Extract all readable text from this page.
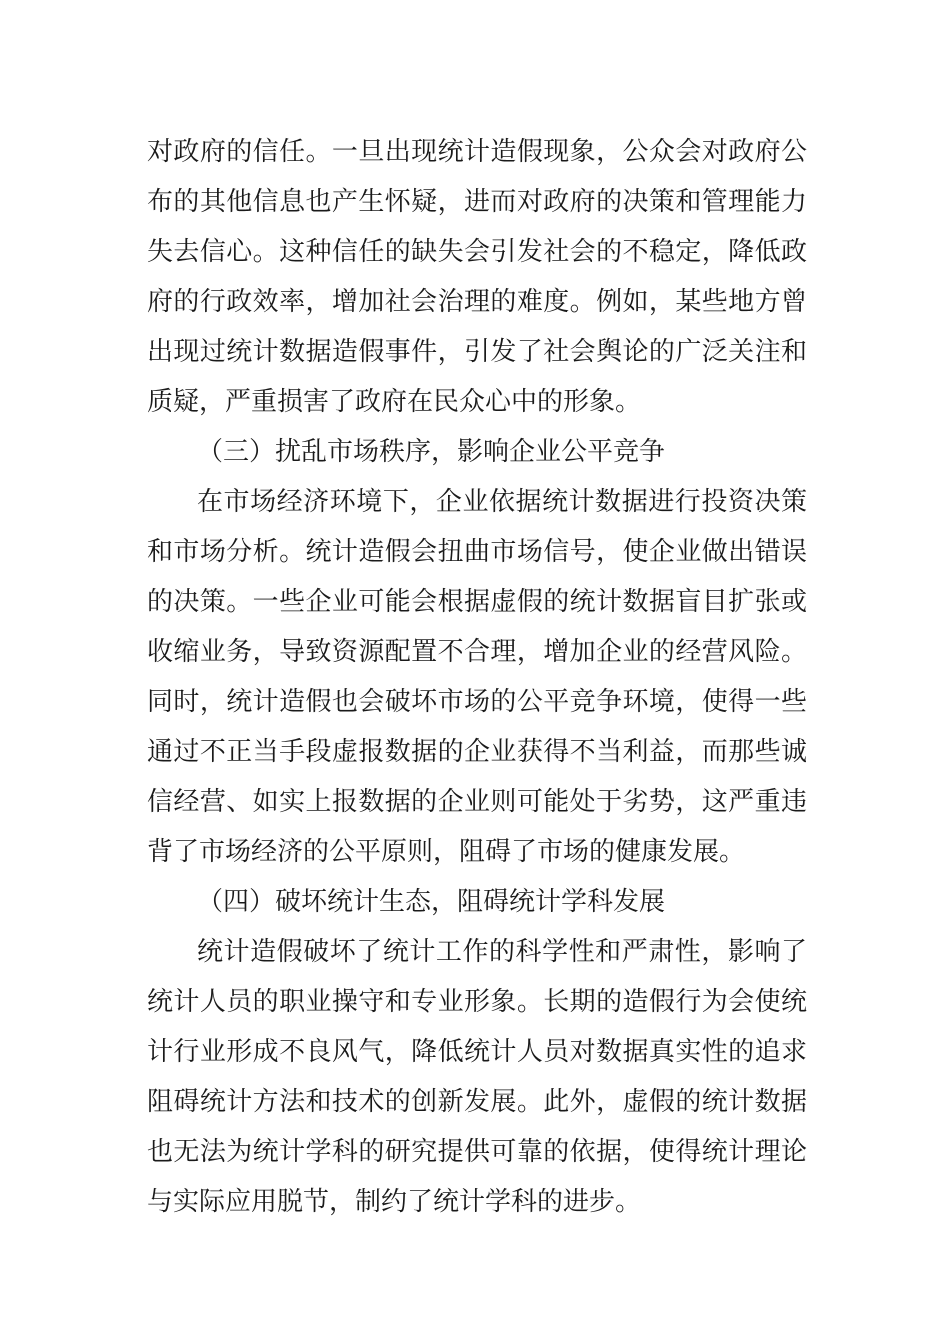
对政府的信任。一旦出现统计造假现象，公众会对政府公
布的其他信息也产生怀疑，进而对政府的决策和管理能力
失去信心。这种信任的缺失会引发社会的不稳定，降低政
府的行政效率，增加社会治理的难度。例如，某些地方曾
出现过统计数据造假事件，引发了社会舆论的广泛关注和
质疑，严重损害了政府在民众心中的形象。
（三）扰乱市场秩序，影响企业公平竞争
在市场经济环境下，企业依据统计数据进行投资决策
和市场分析。统计造假会扭曲市场信号，使企业做出错误
的决策。一些企业可能会根据虚假的统计数据盲目扩张或
收缩业务，导致资源配置不合理，增加企业的经营风险。
同时，统计造假也会破坏市场的公平竞争环境，使得一些
通过不正当手段虚报数据的企业获得不当利益，而那些诚
信经营、如实上报数据的企业则可能处于劣势，这严重违
背了市场经济的公平原则，阻碍了市场的健康发展。
（四）破坏统计生态，阻碍统计学科发展
统计造假破坏了统计工作的科学性和严肃性，影响了
统计人员的职业操守和专业形象。长期的造假行为会使统
计行业形成不良风气，降低统计人员对数据真实性的追求
阻碍统计方法和技术的创新发展。此外，虚假的统计数据
也无法为统计学科的研究提供可靠的依据，使得统计理论
与实际应用脱节，制约了统计学科的进步。
